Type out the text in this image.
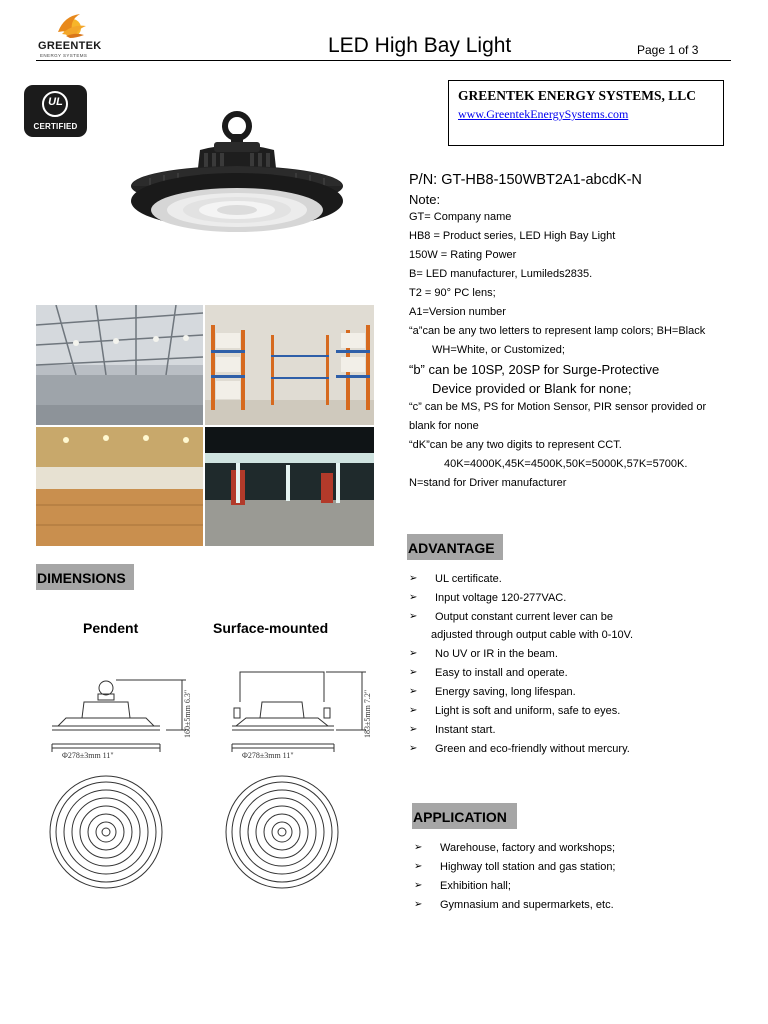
GREENTEK
ENERGY SYSTEMS	LED High Bay Light	Page 1 of 3
UL
CERTIFIED
GREENTEK ENERGY SYSTEMS, LLC
www.GreentekEnergySystems.com
P/N: GT-HB8-150WBT2A1-abcdK-N
Note:
GT= Company name
HB8 = Product series, LED High Bay Light
150W = Rating Power
B= LED manufacturer, Lumileds2835.
T2 = 90° PC lens;
A1=Version number
“a”can be any two letters to represent lamp colors; BH=Black
WH=White, or Customized;
“b” can be 10SP, 20SP for Surge-Protective
Device provided or Blank for none;
“c” can be MS, PS for Motion Sensor, PIR sensor provided or
blank for none
“dK”can be any two digits to represent CCT.
40K=4000K,45K=4500K,50K=5000K,57K=5700K.
N=stand for Driver manufacturer
DIMENSIONS
Pendent	Surface-mounted
Φ278±3mm 11"
160±5mm 6.3"
Φ278±3mm 11"
183±5mm 7.2"
ADVANTAGE
➢ UL certificate.
➢ Input voltage 120-277VAC.
➢ Output constant current lever can be
adjusted through output cable with 0-10V.
➢ No UV or IR in the beam.
➢ Easy to install and operate.
➢ Energy saving, long lifespan.
➢ Light is soft and uniform, safe to eyes.
➢ Instant start.
➢ Green and eco-friendly without mercury.
APPLICATION
➢ Warehouse, factory and workshops;
➢ Highway toll station and gas station;
➢ Exhibition hall;
➢ Gymnasium and supermarkets, etc.
